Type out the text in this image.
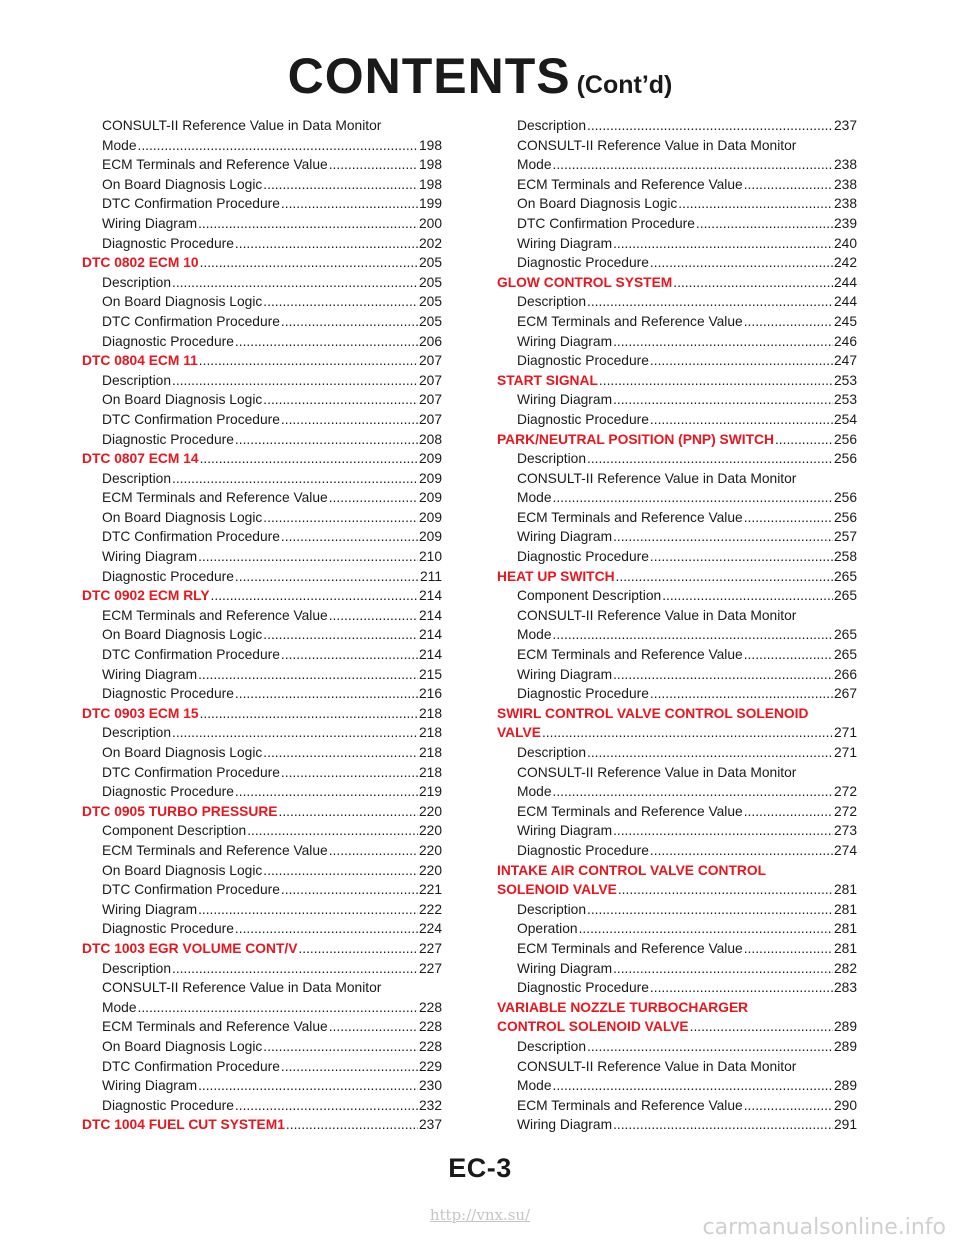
CONTENTS (Cont’d)
CONSULT-II Reference Value in Data Monitor
Mode .....	198
ECM Terminals and Reference Value .....	198
On Board Diagnosis Logic .....	198
DTC Confirmation Procedure .....	199
Wiring Diagram .....	200
Diagnostic Procedure .....	202
DTC 0802 ECM 10 .....	205
Description .....	205
On Board Diagnosis Logic .....	205
DTC Confirmation Procedure .....	205
Diagnostic Procedure .....	206
DTC 0804 ECM 11 .....	207
Description .....	207
On Board Diagnosis Logic .....	207
DTC Confirmation Procedure .....	207
Diagnostic Procedure .....	208
DTC 0807 ECM 14 .....	209
Description .....	209
ECM Terminals and Reference Value .....	209
On Board Diagnosis Logic .....	209
DTC Confirmation Procedure .....	209
Wiring Diagram .....	210
Diagnostic Procedure .....	211
DTC 0902 ECM RLY .....	214
ECM Terminals and Reference Value .....	214
On Board Diagnosis Logic .....	214
DTC Confirmation Procedure .....	214
Wiring Diagram .....	215
Diagnostic Procedure .....	216
DTC 0903 ECM 15 .....	218
Description .....	218
On Board Diagnosis Logic .....	218
DTC Confirmation Procedure .....	218
Diagnostic Procedure .....	219
DTC 0905 TURBO PRESSURE .....	220
Component Description .....	220
ECM Terminals and Reference Value .....	220
On Board Diagnosis Logic .....	220
DTC Confirmation Procedure .....	221
Wiring Diagram .....	222
Diagnostic Procedure .....	224
DTC 1003 EGR VOLUME CONT/V .....	227
Description .....	227
CONSULT-II Reference Value in Data Monitor
Mode .....	228
ECM Terminals and Reference Value .....	228
On Board Diagnosis Logic .....	228
DTC Confirmation Procedure .....	229
Wiring Diagram .....	230
Diagnostic Procedure .....	232
DTC 1004 FUEL CUT SYSTEM1 .....	237
Description .....	237
CONSULT-II Reference Value in Data Monitor
Mode .....	238
ECM Terminals and Reference Value .....	238
On Board Diagnosis Logic .....	238
DTC Confirmation Procedure .....	239
Wiring Diagram .....	240
Diagnostic Procedure .....	242
GLOW CONTROL SYSTEM .....	244
Description .....	244
ECM Terminals and Reference Value .....	245
Wiring Diagram .....	246
Diagnostic Procedure .....	247
START SIGNAL .....	253
Wiring Diagram .....	253
Diagnostic Procedure .....	254
PARK/NEUTRAL POSITION (PNP) SWITCH .....	256
Description .....	256
CONSULT-II Reference Value in Data Monitor
Mode .....	256
ECM Terminals and Reference Value .....	256
Wiring Diagram .....	257
Diagnostic Procedure .....	258
HEAT UP SWITCH .....	265
Component Description .....	265
CONSULT-II Reference Value in Data Monitor
Mode .....	265
ECM Terminals and Reference Value .....	265
Wiring Diagram .....	266
Diagnostic Procedure .....	267
SWIRL CONTROL VALVE CONTROL SOLENOID
VALVE .....	271
Description .....	271
CONSULT-II Reference Value in Data Monitor
Mode .....	272
ECM Terminals and Reference Value .....	272
Wiring Diagram .....	273
Diagnostic Procedure .....	274
INTAKE AIR CONTROL VALVE CONTROL
SOLENOID VALVE .....	281
Description .....	281
Operation .....	281
ECM Terminals and Reference Value .....	281
Wiring Diagram .....	282
Diagnostic Procedure .....	283
VARIABLE NOZZLE TURBOCHARGER
CONTROL SOLENOID VALVE .....	289
Description .....	289
CONSULT-II Reference Value in Data Monitor
Mode .....	289
ECM Terminals and Reference Value .....	290
Wiring Diagram .....	291
EC-3
http://vnx.su/	carmanualsonline.info
